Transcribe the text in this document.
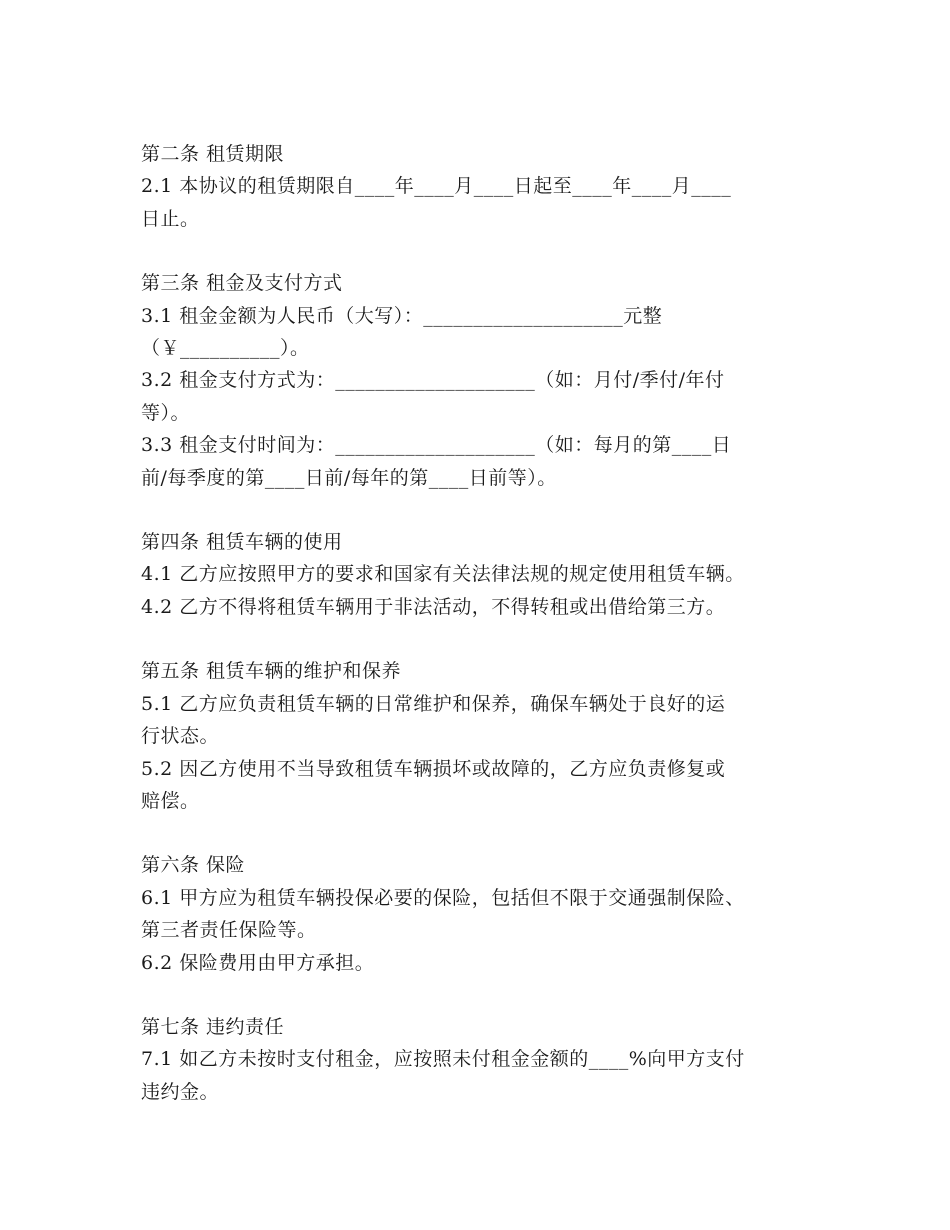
第二条 租赁期限
2.1 本协议的租赁期限自____年____月____日起至____年____月____
日止。
第三条 租金及支付方式
3.1 租金金额为人民币（大写）：____________________元整
（￥__________）。
3.2 租金支付方式为：____________________（如：月付/季付/年付
等）。
3.3 租金支付时间为：____________________（如：每月的第____日
前/每季度的第____日前/每年的第____日前等）。
第四条 租赁车辆的使用
4.1 乙方应按照甲方的要求和国家有关法律法规的规定使用租赁车辆。
4.2 乙方不得将租赁车辆用于非法活动，不得转租或出借给第三方。
第五条 租赁车辆的维护和保养
5.1 乙方应负责租赁车辆的日常维护和保养，确保车辆处于良好的运
行状态。
5.2 因乙方使用不当导致租赁车辆损坏或故障的，乙方应负责修复或
赔偿。
第六条 保险
6.1 甲方应为租赁车辆投保必要的保险，包括但不限于交通强制保险、
第三者责任保险等。
6.2 保险费用由甲方承担。
第七条 违约责任
7.1 如乙方未按时支付租金，应按照未付租金金额的____%向甲方支付
违约金。
